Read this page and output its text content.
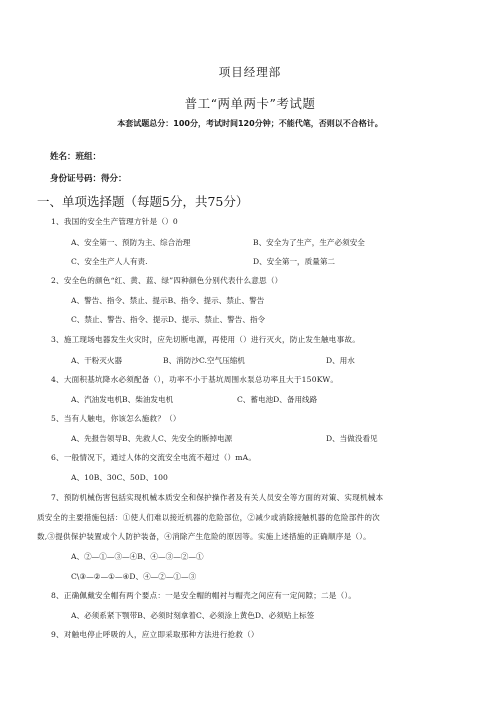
项目经理部
普工“两单两卡”考试题
本套试题总分：100分，考试时间120分钟；不能代笔，否则以不合格计。
姓名：班组：
身份证号码：得分：
一、单项选择题（每题5分，共75分）
1、我国的安全生产管理方针是（）0
A、安全第一、预防为主、综合治理	B、安全为了生产，生产必须安全
C、安全生产人人有责.	D、安全第一，质量第二
2、安全色的颜色“红、黄、蓝、绿”四种颜色分别代表什么意思（）
A、警告、指令、禁止、提示B、指令、提示、禁止、警告
C、禁止、警告、指令、提示D、提示、禁止、警告、指令
3、施工现场电器发生火灾时，应先切断电源，再使用（）进行灭火，防止发生触电事故。
A、干粉灭火器	B、消防沙C.空气压缩机	D、用水
4、大面积基坑降水必须配备（），功率不小于基坑周围水泵总功率且大于150KW。
A、汽油发电机B、柴油发电机	C、蓄电池D、备用线路
5、当有人触电，你该怎么施救？（）
A、先报告领导B、先救人C、先安全的断掉电源	D、当做没看见
6、一般情况下，通过人体的交流安全电流不超过（）mA。
A、10B、30C、50D、100
7、预防机械伤害包括实现机械本质安全和保护操作者及有关人员安全等方面的对策、实现机械本
质安全的主要措施包括：①使人们难以接近机器的危险部位，②减少或消除接触机器的危险部件的次
数,③提供保护装置或个人防护装备，④消除产生危险的原因等。实施上述措施的正确顺序是（）。
A、②—①—③—④B、④—③—②—①
C\③—②—①—④D、④—②—①—③
8、正确佩戴安全帽有两个要点：一是安全帽的帽衬与帽壳之间应有一定间隙；二是（）。
A、必须系紧下颚带B、必须时刻拿着C、必须涂上黄色D、必须贴上标签
9、对触电停止呼吸的人，应立即采取那种方法进行抢救（）
